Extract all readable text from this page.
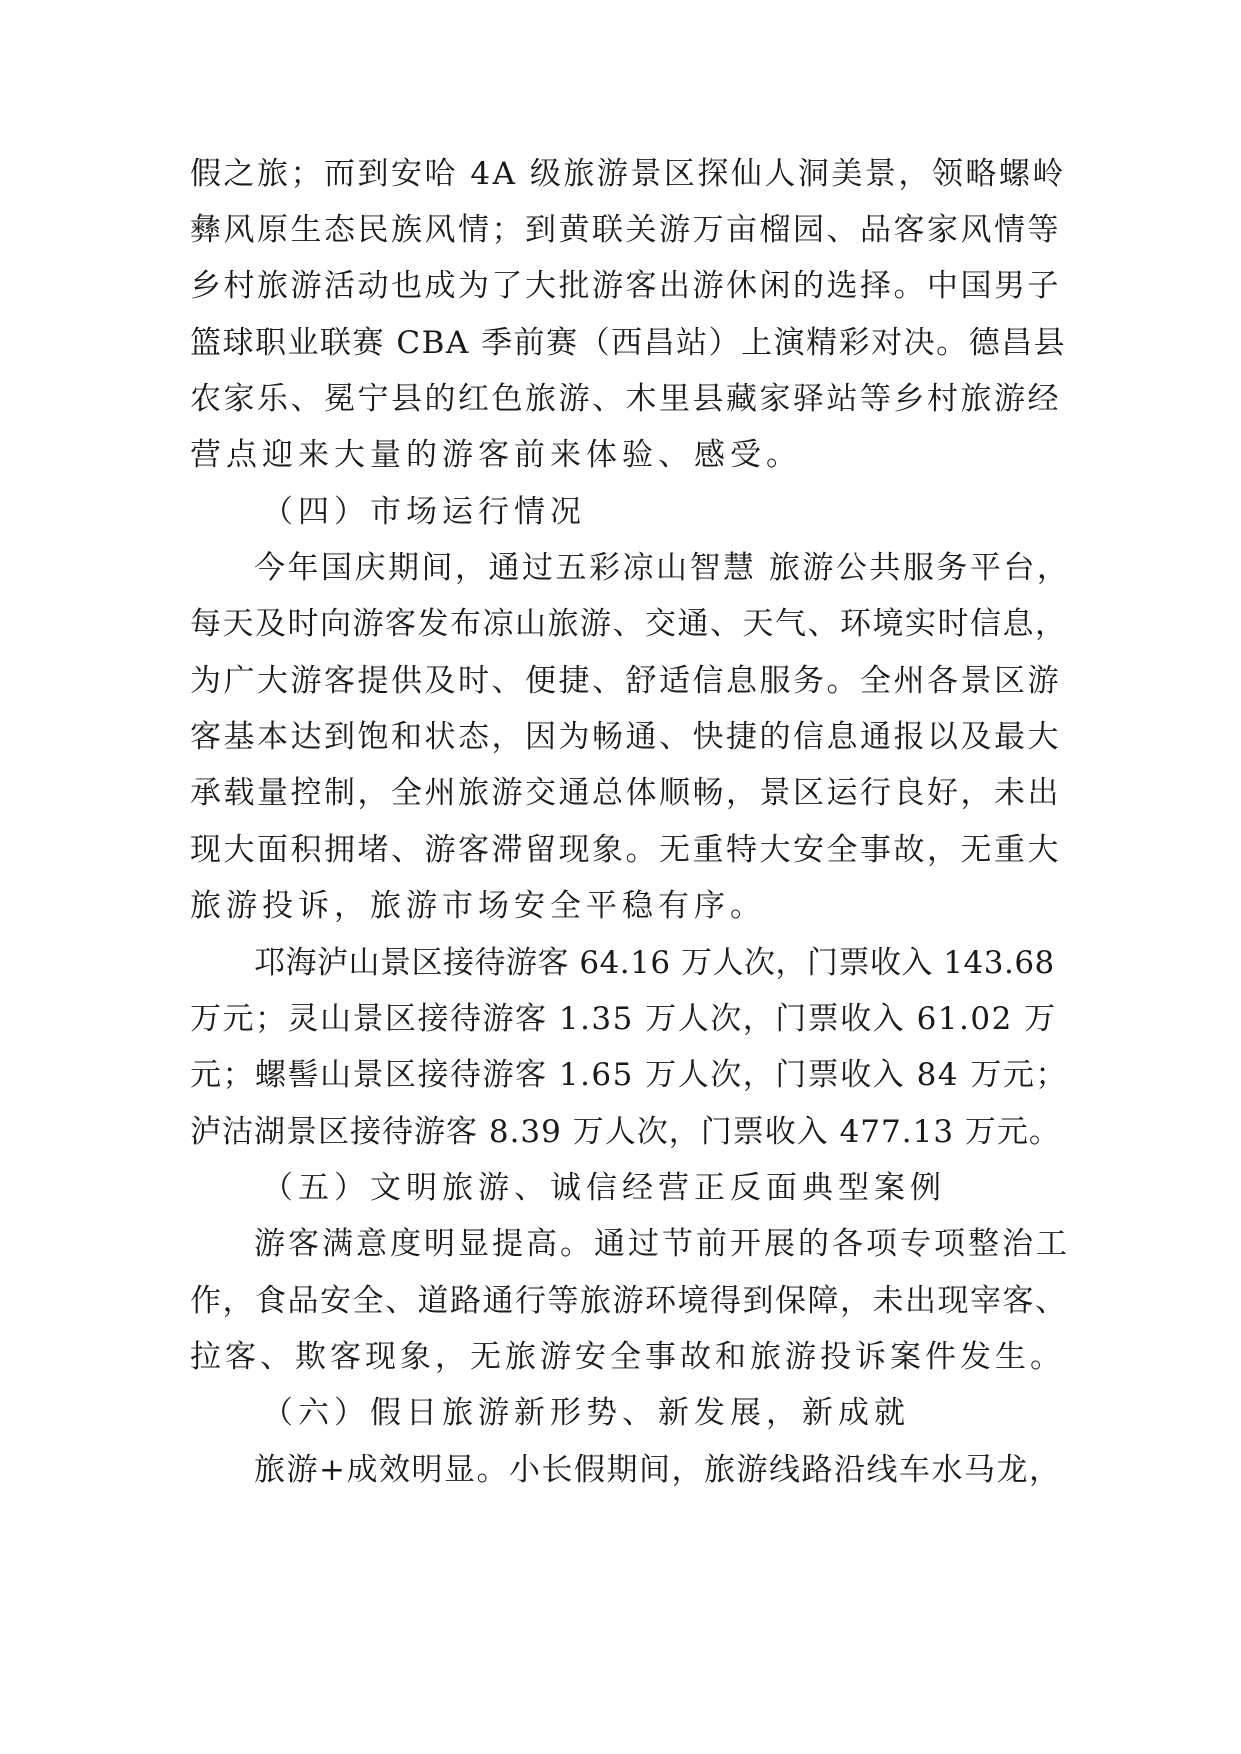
假之旅；而到安哈 4A 级旅游景区探仙人洞美景，领略螺岭
彝风原生态民族风情；到黄联关游万亩榴园、品客家风情等
乡村旅游活动也成为了大批游客出游休闲的选择。中国男子
篮球职业联赛 CBA 季前赛（西昌站）上演精彩对决。德昌县
农家乐、冕宁县的红色旅游、木里县藏家驿站等乡村旅游经
营点迎来大量的游客前来体验、感受。
（四）市场运行情况
今年国庆期间，通过五彩凉山智慧 旅游公共服务平台，
每天及时向游客发布凉山旅游、交通、天气、环境实时信息，
为广大游客提供及时、便捷、舒适信息服务。全州各景区游
客基本达到饱和状态，因为畅通、快捷的信息通报以及最大
承载量控制，全州旅游交通总体顺畅，景区运行良好，未出
现大面积拥堵、游客滞留现象。无重特大安全事故，无重大
旅游投诉，旅游市场安全平稳有序。
邛海泸山景区接待游客 64.16 万人次，门票收入 143.68
万元；灵山景区接待游客 1.35 万人次，门票收入 61.02 万
元；螺髻山景区接待游客 1.65 万人次，门票收入 84 万元；
泸沽湖景区接待游客 8.39 万人次，门票收入 477.13 万元。
（五）文明旅游、诚信经营正反面典型案例
游客满意度明显提高。通过节前开展的各项专项整治工
作，食品安全、道路通行等旅游环境得到保障，未出现宰客、
拉客、欺客现象，无旅游安全事故和旅游投诉案件发生。
（六）假日旅游新形势、新发展，新成就
旅游+成效明显。小长假期间，旅游线路沿线车水马龙，
